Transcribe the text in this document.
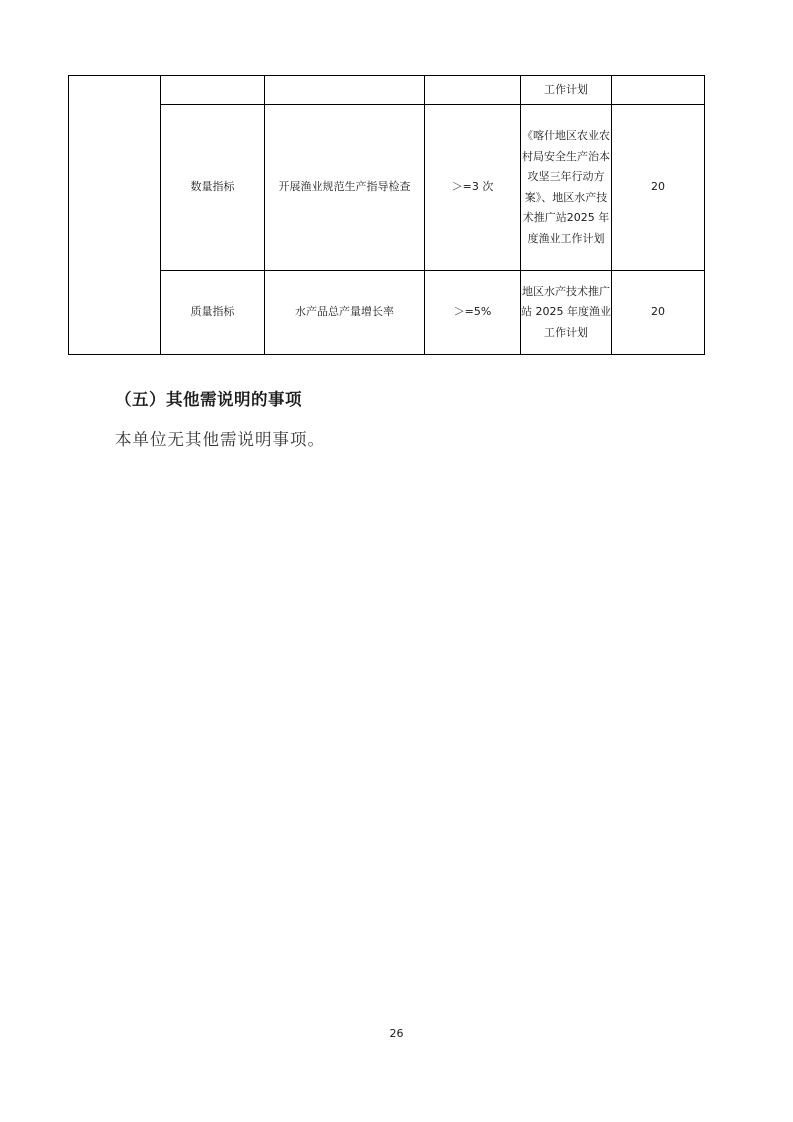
				工作计划	

	数量指标	开展渔业规范生产指导检查	＞=3 次	《喀什地区农业农村局安全生产治本攻坚三年行动方案》、地区水产技术推广站2025 年度渔业工作计划	20
	质量指标	水产品总产量增长率	＞=5%	地区水产技术推广站 2025 年度渔业工作计划	20
（五）其他需说明的事项
本单位无其他需说明事项。
26
